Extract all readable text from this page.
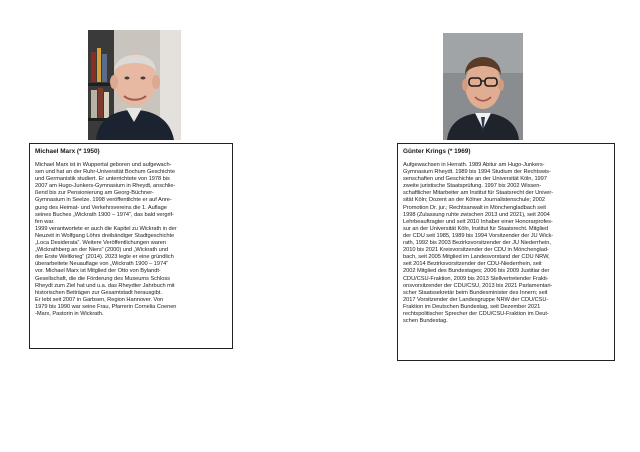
Michael Marx (* 1950)

Michael Marx ist in Wuppertal geboren und aufgewach-

sen und hat an der Ruhr-Universität Bochum Geschichte

und Germanistik studiert. Er unterrichtete von 1978 bis

2007 am Hugo-Junkers-Gymnasium in Rheydt, anschlie-

ßend bis zur Pensionierung am Georg-Büchner-

Gymnasium in Seelze. 1998 veröffentlichte er auf Anre-

gung des Heimat- und Verkehrsvereins die 1. Auflage

seines Buches „Wickrath 1900 – 1974“, das bald vergrif-

fen war.

1999 verantwortete er auch die Kapitel zu Wickrath in der

Neuzeit in Wolfgang Löhrs dreibändiger Stadtgeschichte

„Loca Desiderata“. Weitere Veröffentlichungen waren

„Wickrathberg an der Niers“ (2000) und „Wickrath und

der Erste Weltkrieg“ (2014). 2023 legte er eine gründlich

überarbeitete Neuauflage von „Wickrath 1900 – 1974“

vor. Michael Marx ist Mitglied der Otto von Bylandt-

Gesellschaft, die die Förderung des Museums Schloss

Rheydt zum Ziel hat und u.a. das Rheydter Jahrbuch mit

historischen Beiträgen zur Gesamtstadt herausgibt.

Er lebt seit 2007 in Garbsen, Region Hannover. Von

1979 bis 1990 war seine Frau, Pfarrerin Cornelia Coenen

-Marx, Pastorin in Wickrath.

Günter Krings (* 1969)

Aufgewachsen in Herrath. 1989 Abitur am Hugo-Junkers-

Gymnasium Rheydt. 1989 bis 1994 Studium der Rechtswis-

senschaften und Geschichte an der Universität Köln, 1997

zweite juristische Staatsprüfung. 1997 bis 2002 Wissen-

schaftlicher Mitarbeiter am Institut für Staatsrecht der Univer-

sität Köln; Dozent an der Kölner Journalistenschule; 2002

Promotion Dr. jur.; Rechtsanwalt in Mönchengladbach seit

1998 (Zulassung ruhte zwischen 2013 und 2021), seit 2004

Lehrbeauftragter und seit 2010 Inhaber einer Honorarprofes-

sur an der Universität Köln, Institut für Staatsrecht. Mitglied

der CDU seit 1985, 1989 bis 1994 Vorsitzender der JU Wick-

rath, 1992 bis 2003 Bezirksvorsitzender der JU Niederrhein,

2010 bis 2021 Kreisvorsitzender der CDU in Mönchenglad-

bach, seit 2005 Mitglied im Landesvorstand der CDU NRW,

seit 2014 Bezirksvorsitzender der CDU-Niederrhein, seit

2002 Mitglied des Bundestages; 2006 bis 2009 Justitiar der

CDU/CSU-Fraktion, 2009 bis 2013 Stellvertretender Frakti-

onsvorsitzender der CDU/CSU, 2013 bis 2021 Parlamentari-

scher Staatssekretär beim Bundesminister des Innern; seit

2017 Vorsitzender der Landesgruppe NRW der CDU/CSU-

Fraktion im Deutschen Bundestag, seit Dezember 2021

rechtspolitischer Sprecher der CDU/CSU-Fraktion im Deut-

schen Bundestag.
